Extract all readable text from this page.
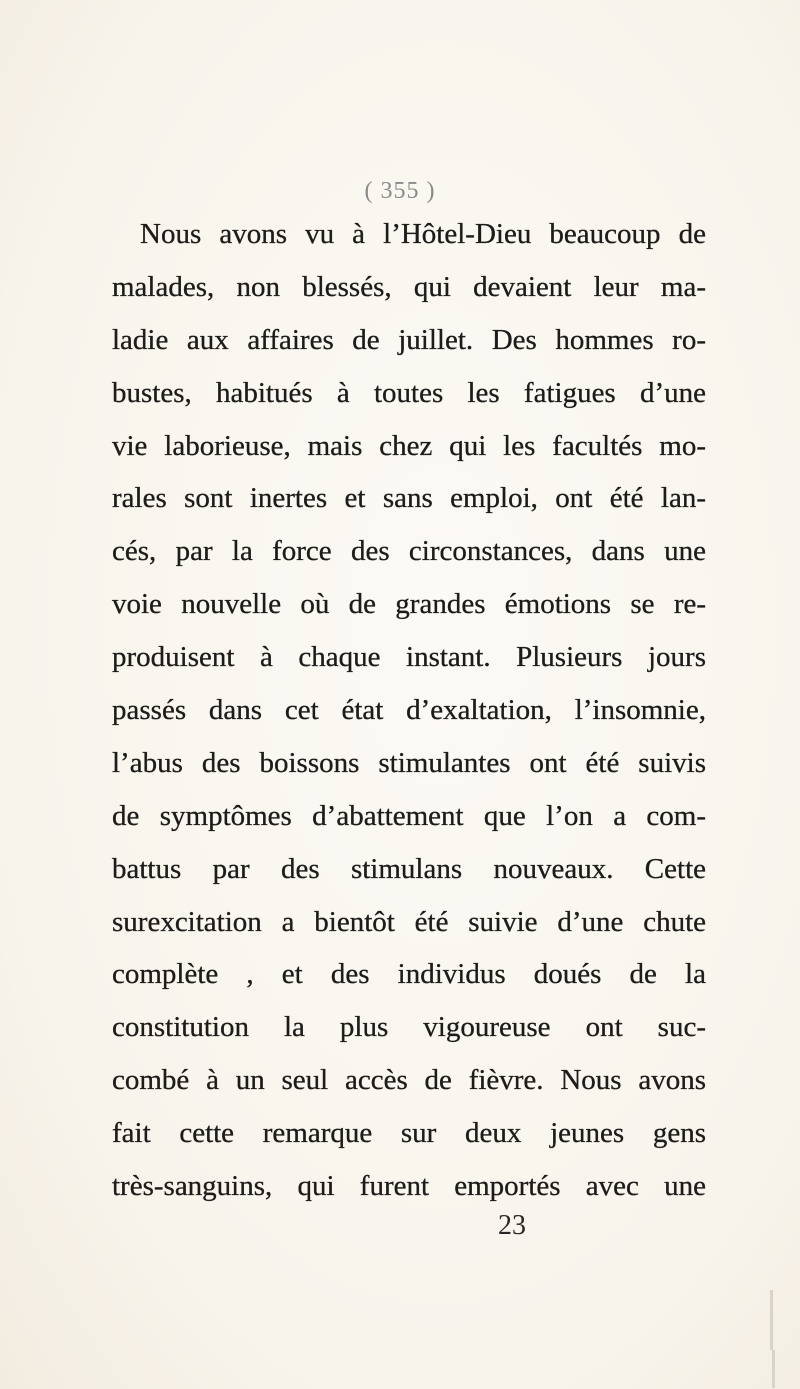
( 355 )

Nous avons vu à l’Hôtel-Dieu beaucoup de
malades, non blessés, qui devaient leur ma-
ladie aux affaires de juillet. Des hommes ro-
bustes, habitués à toutes les fatigues d’une
vie laborieuse, mais chez qui les facultés mo-
rales sont inertes et sans emploi, ont été lan-
cés, par la force des circonstances, dans une
voie nouvelle où de grandes émotions se re-
produisent à chaque instant. Plusieurs jours
passés dans cet état d’exaltation, l’insomnie,
l’abus des boissons stimulantes ont été suivis
de symptômes d’abattement que l’on a com-
battus par des stimulans nouveaux. Cette
surexcitation a bientôt été suivie d’une chute
complète , et des individus doués de la
constitution la plus vigoureuse ont suc-
combé à un seul accès de fièvre. Nous avons
fait cette remarque sur deux jeunes gens
très-sanguins, qui furent emportés avec une

23
